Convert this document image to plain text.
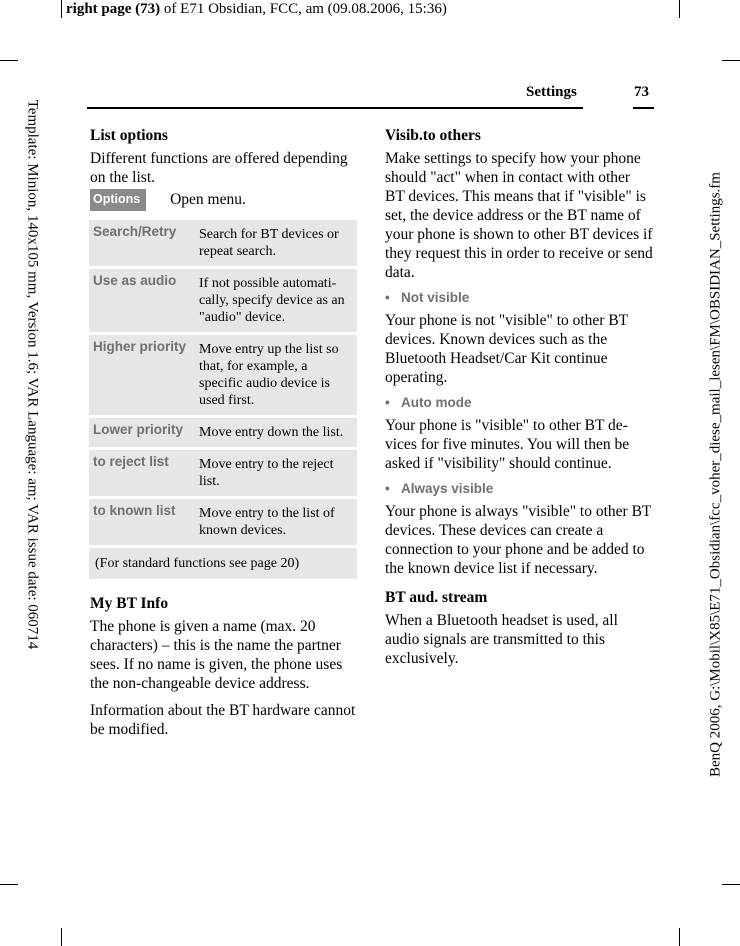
right page (73) of E71 Obsidian, FCC, am (09.08.2006, 15:36)
Template: Minion, 140x105 mm, Version 1.6; VAR Language: am; VAR issue date: 060714	BenQ 2006, G:\Mobil\X85\E71_Obsidian\fcc_voher_diese_mail_lesen\FM\OBSIDIAN_Settings.fm
Settings	73

List options

Different functions are offered depending on the list.

Options Open menu.

Search/Retry	Search for BT devices or repeat search.
Use as audio	If not possible automati-cally, specify device as an "audio" device.
Higher priority	Move entry up the list so that, for example, a specific audio device is used first.
Lower priority	Move entry down the list.
to reject list	Move entry to the reject list.
to known list	Move entry to the list of known devices.
(For standard functions see page 20)	

My BT Info

The phone is given a name (max. 20 characters) – this is the name the partner sees. If no name is given, the phone uses the non-changeable device address.

Information about the BT hardware cannot be modified.

Visib.to others

Make settings to specify how your phone should "act" when in contact with other BT devices. This means that if "visible" is set, the device address or the BT name of your phone is shown to other BT devices if they request this in order to receive or send data.

• Not visible

Your phone is not "visible" to other BT devices. Known devices such as the Bluetooth Headset/Car Kit continue operating.

• Auto mode

Your phone is "visible" to other BT de-vices for five minutes. You will then be asked if "visibility" should continue.

• Always visible

Your phone is always "visible" to other BT devices. These devices can create a connection to your phone and be added to the known device list if necessary.

BT aud. stream

When a Bluetooth headset is used, all audio signals are transmitted to this exclusively.
